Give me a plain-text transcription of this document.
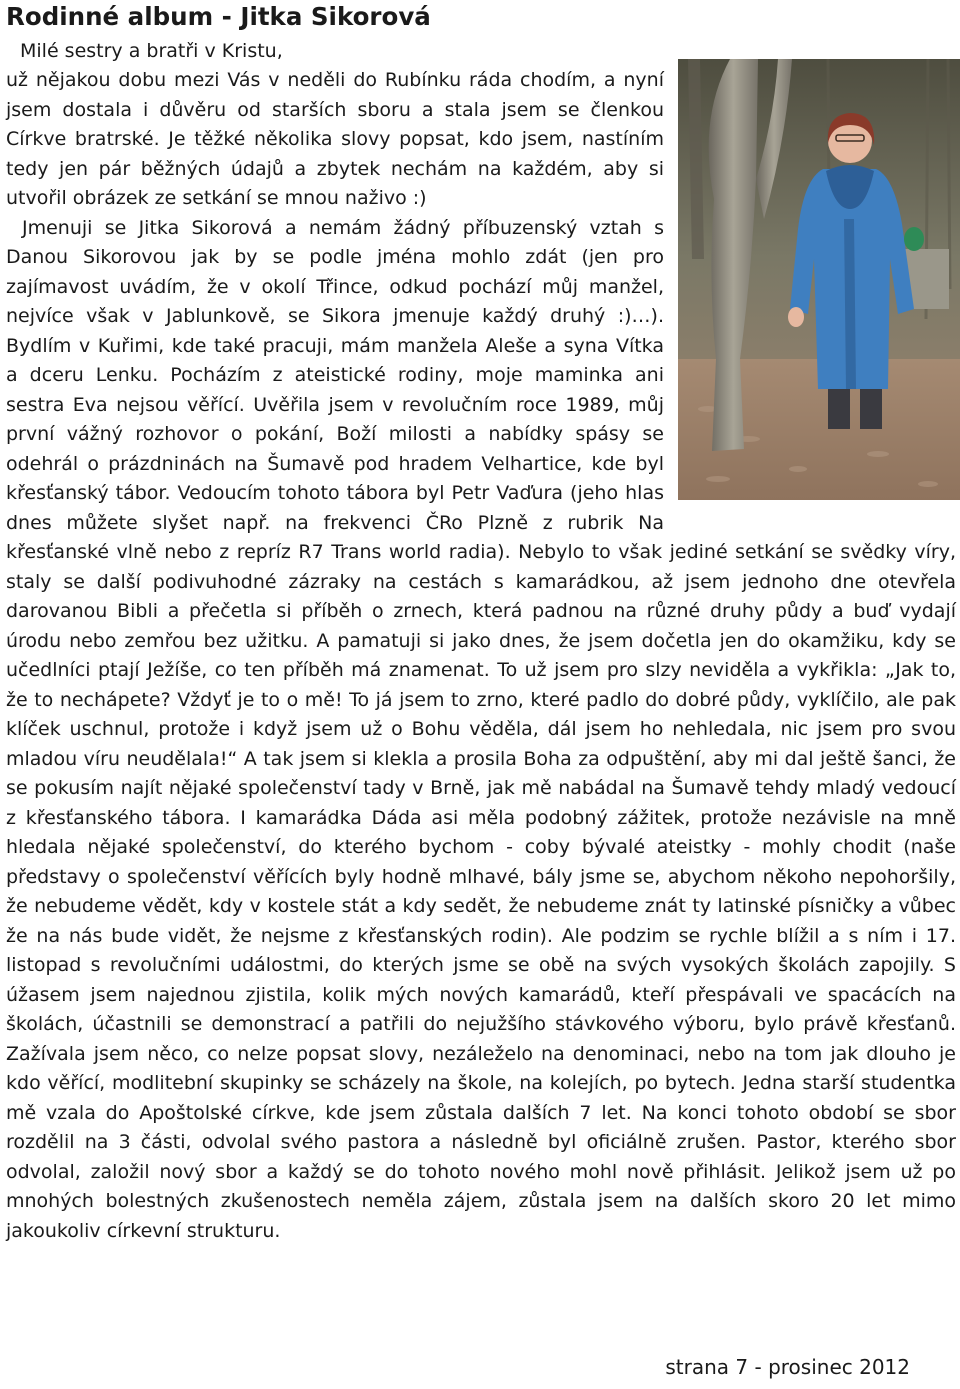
Rodinné album - Jitka Sikorová

Milé sestry a bratři v Kristu,

už nějakou dobu mezi Vás v neděli do Rubínku ráda chodím, a nyní jsem dostala i důvěru od starších sboru a stala jsem se členkou Církve bratrské. Je těžké několika slovy popsat, kdo jsem, nastíním tedy jen pár běžných údajů a zbytek nechám na každém, aby si utvořil obrázek ze setkání se mnou naživo :)

Jmenuji se Jitka Sikorová a nemám žádný příbuzenský vztah s Danou Sikorovou jak by se podle jména mohlo zdát (jen pro zajímavost uvádím, že v okolí Třince, odkud pochází můj manžel, nejvíce však v Jablunkově, se Sikora jmenuje každý druhý :)…). Bydlím v Kuřimi, kde také pracuji, mám manžela Aleše a syna Vítka a dceru Lenku. Pocházím z ateistické rodiny, moje maminka ani sestra Eva nejsou věřící. Uvěřila jsem v revolučním roce 1989, můj první vážný rozhovor o pokání, Boží milosti a nabídky spásy se odehrál o prázdninách na Šumavě pod hradem Velhartice, kde byl křesťanský tábor. Vedoucím tohoto tábora byl Petr Vaďura (jeho hlas dnes můžete slyšet např. na frekvenci ČRo Plzně z rubrik Na křesťanské vlně nebo z repríz R7 Trans world radia). Nebylo to však jediné setkání se svědky víry, staly se další podivuhodné zázraky na cestách s kamarádkou, až jsem jednoho dne otevřela darovanou Bibli a přečetla si příběh o zrnech, která padnou na různé druhy půdy a buď vydají úrodu nebo zemřou bez užitku. A pamatuji si jako dnes, že jsem dočetla jen do okamžiku, kdy se učedlníci ptají Ježíše, co ten příběh má znamenat. To už jsem pro slzy neviděla a vykřikla: „Jak to, že to nechápete? Vždyť je to o mě! To já jsem to zrno, které padlo do dobré půdy, vyklíčilo, ale pak klíček uschnul, protože i když jsem už o Bohu věděla, dál jsem ho nehledala, nic jsem pro svou mladou víru neudělala!“ A tak jsem si klekla a prosila Boha za odpuštění, aby mi dal ještě šanci, že se pokusím najít nějaké společenství tady v Brně, jak mě nabádal na Šumavě tehdy mladý vedoucí z křesťanského tábora. I kamarádka Dáda asi měla podobný zážitek, protože nezávisle na mně hledala nějaké společenství, do kterého bychom - coby bývalé ateistky - mohly chodit (naše představy o společenství věřících byly hodně mlhavé, bály jsme se, abychom někoho nepohoršily, že nebudeme vědět, kdy v kostele stát a kdy sedět, že nebudeme znát ty latinské písničky a vůbec že na nás bude vidět, že nejsme z křesťanských rodin). Ale podzim se rychle blížil a s ním i 17. listopad s revolučními událostmi, do kterých jsme se obě na svých vysokých školách zapojily. S úžasem jsem najednou zjistila, kolik mých nových kamarádů, kteří přespávali ve spacácích na školách, účastnili se demonstrací a patřili do nejužšího stávkového výboru, bylo právě křesťanů. Zažívala jsem něco, co nelze popsat slovy, nezáleželo na denominaci, nebo na tom jak dlouho je kdo věřící, modlitební skupinky se scházely na škole, na kolejích, po bytech. Jedna starší studentka mě vzala do Apoštolské církve, kde jsem zůstala dalších 7 let. Na konci tohoto období se sbor rozdělil na 3 části, odvolal svého pastora a následně byl oficiálně zrušen. Pastor, kterého sbor odvolal, založil nový sbor a každý se do tohoto nového mohl nově přihlásit. Jelikož jsem už po mnohých bolestných zkušenostech neměla zájem, zůstala jsem na dalších skoro 20 let mimo jakoukoliv církevní strukturu.

strana 7 - prosinec 2012
